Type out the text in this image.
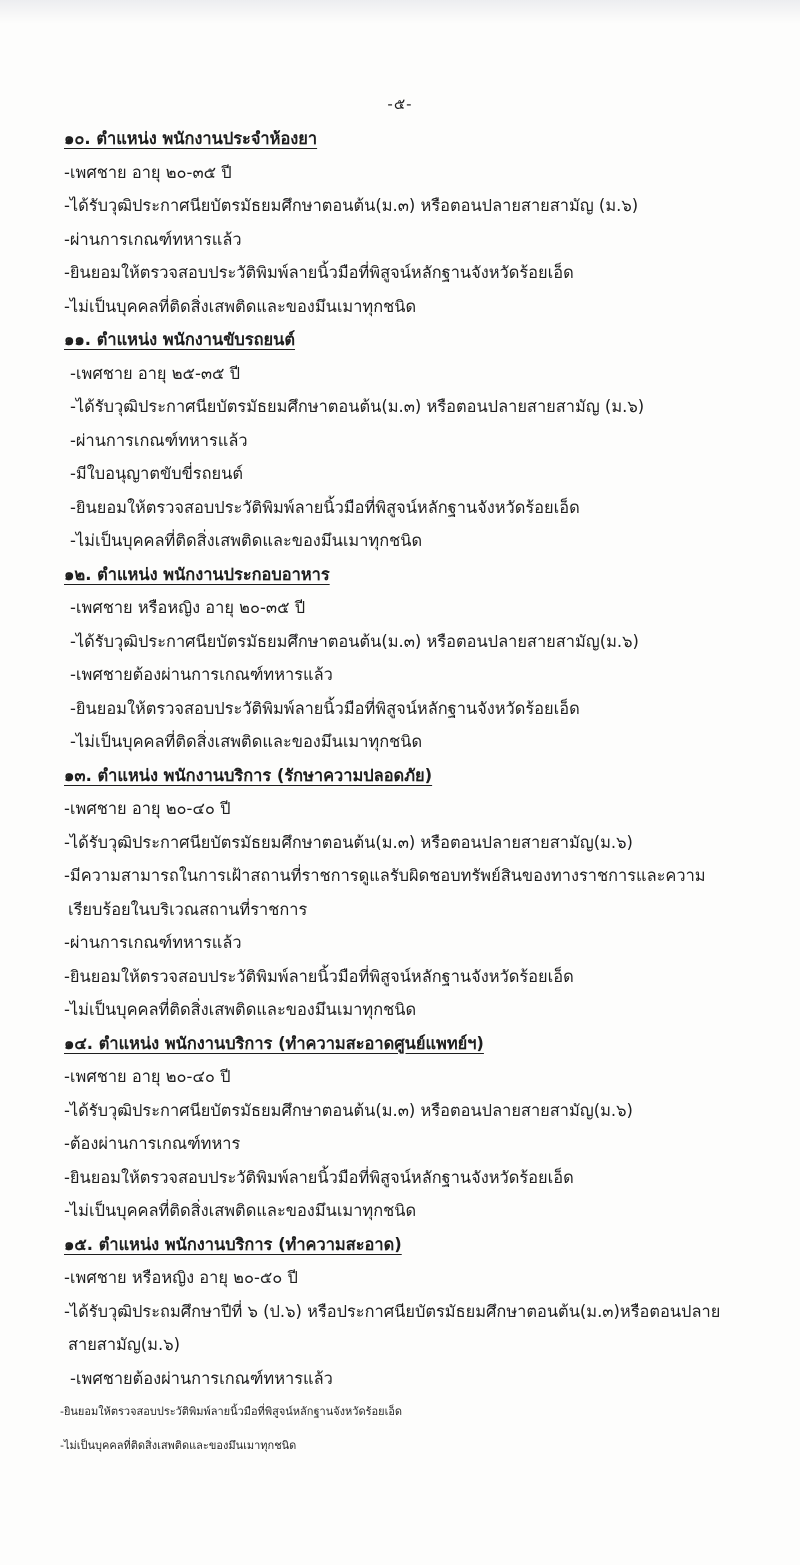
-๕-
๑๐. ตำแหน่ง พนักงานประจำห้องยา
-เพศชาย อายุ ๒๐-๓๕ ปี
-ได้รับวุฒิประกาศนียบัตรมัธยมศึกษาตอนต้น(ม.๓) หรือตอนปลายสายสามัญ (ม.๖)
-ผ่านการเกณฑ์ทหารแล้ว
-ยินยอมให้ตรวจสอบประวัติพิมพ์ลายนิ้วมือที่พิสูจน์หลักฐานจังหวัดร้อยเอ็ด
-ไม่เป็นบุคคลที่ติดสิ่งเสพติดและของมึนเมาทุกชนิด
๑๑. ตำแหน่ง พนักงานขับรถยนต์
-เพศชาย อายุ ๒๕-๓๕ ปี
-ได้รับวุฒิประกาศนียบัตรมัธยมศึกษาตอนต้น(ม.๓) หรือตอนปลายสายสามัญ (ม.๖)
-ผ่านการเกณฑ์ทหารแล้ว
-มีใบอนุญาตขับขี่รถยนต์
-ยินยอมให้ตรวจสอบประวัติพิมพ์ลายนิ้วมือที่พิสูจน์หลักฐานจังหวัดร้อยเอ็ด
-ไม่เป็นบุคคลที่ติดสิ่งเสพติดและของมึนเมาทุกชนิด
๑๒. ตำแหน่ง พนักงานประกอบอาหาร
-เพศชาย หรือหญิง อายุ ๒๐-๓๕ ปี
-ได้รับวุฒิประกาศนียบัตรมัธยมศึกษาตอนต้น(ม.๓) หรือตอนปลายสายสามัญ(ม.๖)
-เพศชายต้องผ่านการเกณฑ์ทหารแล้ว
-ยินยอมให้ตรวจสอบประวัติพิมพ์ลายนิ้วมือที่พิสูจน์หลักฐานจังหวัดร้อยเอ็ด
-ไม่เป็นบุคคลที่ติดสิ่งเสพติดและของมึนเมาทุกชนิด
๑๓. ตำแหน่ง พนักงานบริการ (รักษาความปลอดภัย)
-เพศชาย อายุ ๒๐-๔๐ ปี
-ได้รับวุฒิประกาศนียบัตรมัธยมศึกษาตอนต้น(ม.๓) หรือตอนปลายสายสามัญ(ม.๖)
-มีความสามารถในการเฝ้าสถานที่ราชการดูแลรับผิดชอบทรัพย์สินของทางราชการและความ
เรียบร้อยในบริเวณสถานที่ราชการ
-ผ่านการเกณฑ์ทหารแล้ว
-ยินยอมให้ตรวจสอบประวัติพิมพ์ลายนิ้วมือที่พิสูจน์หลักฐานจังหวัดร้อยเอ็ด
-ไม่เป็นบุคคลที่ติดสิ่งเสพติดและของมึนเมาทุกชนิด
๑๔. ตำแหน่ง พนักงานบริการ (ทำความสะอาดศูนย์แพทย์ฯ)
-เพศชาย อายุ ๒๐-๔๐ ปี
-ได้รับวุฒิประกาศนียบัตรมัธยมศึกษาตอนต้น(ม.๓) หรือตอนปลายสายสามัญ(ม.๖)
-ต้องผ่านการเกณฑ์ทหาร
-ยินยอมให้ตรวจสอบประวัติพิมพ์ลายนิ้วมือที่พิสูจน์หลักฐานจังหวัดร้อยเอ็ด
-ไม่เป็นบุคคลที่ติดสิ่งเสพติดและของมึนเมาทุกชนิด
๑๕. ตำแหน่ง พนักงานบริการ (ทำความสะอาด)
-เพศชาย หรือหญิง อายุ ๒๐-๕๐ ปี
-ได้รับวุฒิประถมศึกษาปีที่ ๖ (ป.๖) หรือประกาศนียบัตรมัธยมศึกษาตอนต้น(ม.๓)หรือตอนปลาย
สายสามัญ(ม.๖)
-เพศชายต้องผ่านการเกณฑ์ทหารแล้ว
-ยินยอมให้ตรวจสอบประวัติพิมพ์ลายนิ้วมือที่พิสูจน์หลักฐานจังหวัดร้อยเอ็ด
-ไม่เป็นบุคคลที่ติดสิ่งเสพติดและของมึนเมาทุกชนิด
